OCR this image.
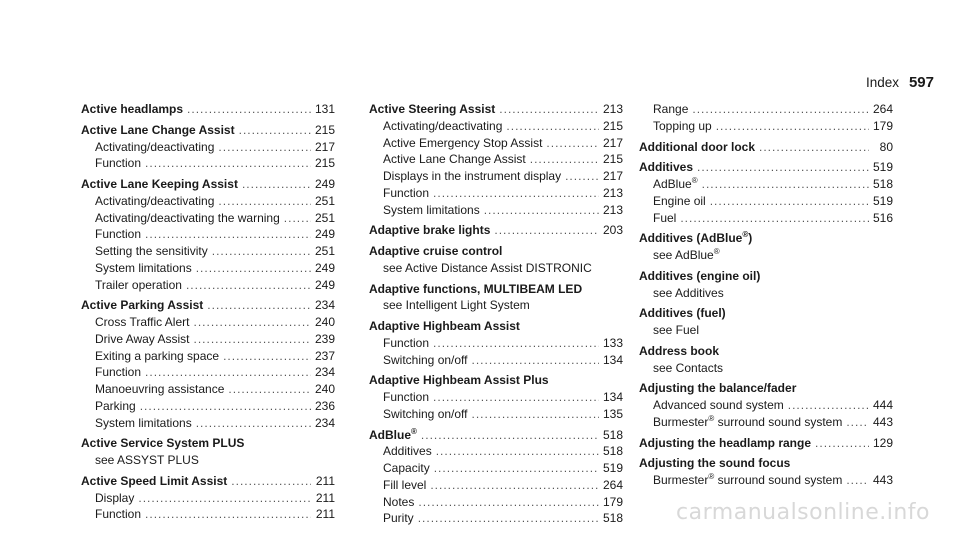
Index 597
Active headlamps .....	131
Active Lane Change Assist .....	215
Activating/deactivating .....	217
Function .....	215
Active Lane Keeping Assist .....	249
Activating/deactivating .....	251
Activating/deactivating the warning .....	251
Function .....	249
Setting the sensitivity .....	251
System limitations .....	249
Trailer operation .....	249
Active Parking Assist .....	234
Cross Traffic Alert .....	240
Drive Away Assist .....	239
Exiting a parking space .....	237
Function .....	234
Manoeuvring assistance .....	240
Parking .....	236
System limitations .....	234
Active Service System PLUS
see ASSYST PLUS
Active Speed Limit Assist .....	211
Display .....	211
Function .....	211
Active Steering Assist .....	213
Activating/deactivating .....	215
Active Emergency Stop Assist .....	217
Active Lane Change Assist .....	215
Displays in the instrument display .....	217
Function .....	213
System limitations .....	213
Adaptive brake lights .....	203
Adaptive cruise control
see Active Distance Assist DISTRONIC
Adaptive functions, MULTIBEAM LED
see Intelligent Light System
Adaptive Highbeam Assist
Function .....	133
Switching on/off .....	134
Adaptive Highbeam Assist Plus
Function .....	134
Switching on/off .....	135
AdBlue® .....	518
Additives .....	518
Capacity .....	519
Fill level .....	264
Notes .....	179
Purity .....	518
Range .....	264
Topping up .....	179
Additional door lock .....	80
Additives .....	519
AdBlue® .....	518
Engine oil .....	519
Fuel .....	516
Additives (AdBlue®)
see AdBlue®
Additives (engine oil)
see Additives
Additives (fuel)
see Fuel
Address book
see Contacts
Adjusting the balance/fader
Advanced sound system .....	444
Burmester® surround sound system .....	443
Adjusting the headlamp range .....	129
Adjusting the sound focus
Burmester® surround sound system .....	443
carmanualsonline.info
